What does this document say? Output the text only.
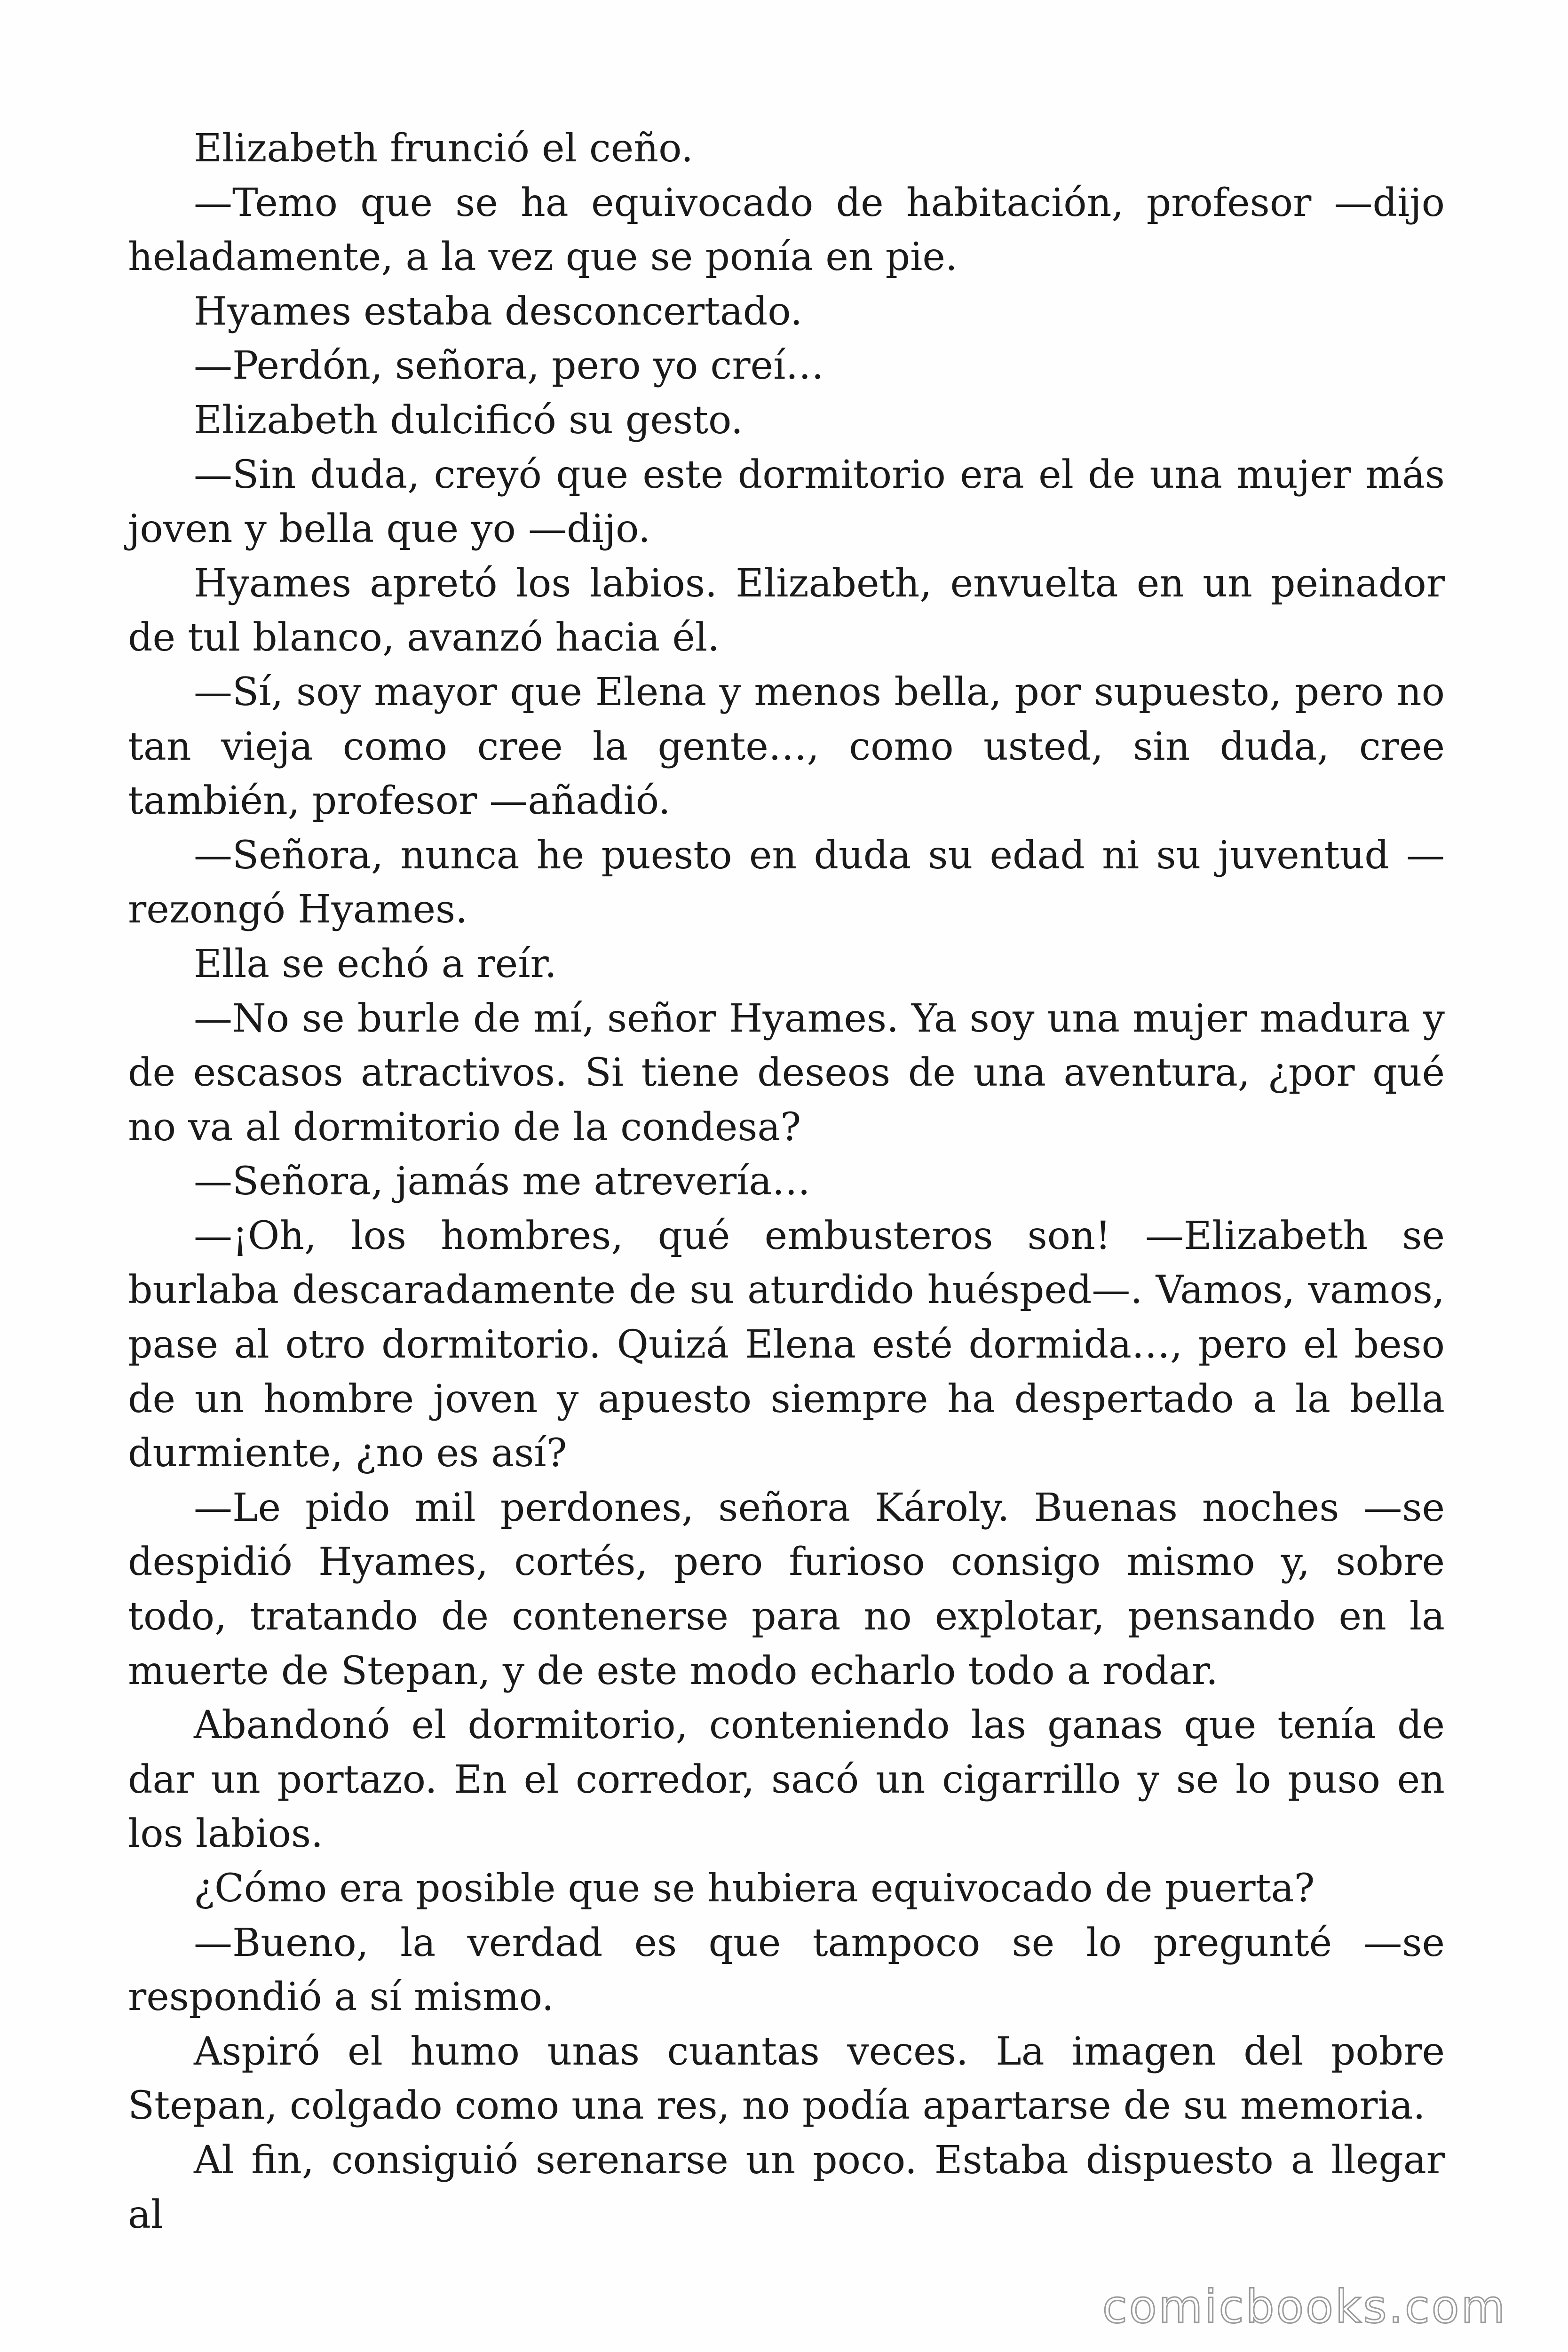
Elizabeth frunció el ceño.

—Temo que se ha equivocado de habitación, profesor —dijo heladamente, a la vez que se ponía en pie.

Hyames estaba desconcertado.

—Perdón, señora, pero yo creí…

Elizabeth dulcificó su gesto.

—Sin duda, creyó que este dormitorio era el de una mujer más joven y bella que yo —dijo.

Hyames apretó los labios. Elizabeth, envuelta en un peinador de tul blanco, avanzó hacia él.

—Sí, soy mayor que Elena y menos bella, por supuesto, pero no tan vieja como cree la gente…, como usted, sin duda, cree también, profesor —añadió.

—Señora, nunca he puesto en duda su edad ni su juventud —rezongó Hyames.

Ella se echó a reír.

—No se burle de mí, señor Hyames. Ya soy una mujer madura y de escasos atractivos. Si tiene deseos de una aventura, ¿por qué no va al dormitorio de la condesa?

—Señora, jamás me atrevería…

—¡Oh, los hombres, qué embusteros son! —Elizabeth se burlaba descaradamente de su aturdido huésped—. Vamos, vamos, pase al otro dormitorio. Quizá Elena esté dormida…, pero el beso de un hombre joven y apuesto siempre ha despertado a la bella durmiente, ¿no es así?

—Le pido mil perdones, señora Károly. Buenas noches —se despidió Hyames, cortés, pero furioso consigo mismo y, sobre todo, tratando de contenerse para no explotar, pensando en la muerte de Stepan, y de este modo echarlo todo a rodar.

Abandonó el dormitorio, conteniendo las ganas que tenía de dar un portazo. En el corredor, sacó un cigarrillo y se lo puso en los labios.

¿Cómo era posible que se hubiera equivocado de puerta?

—Bueno, la verdad es que tampoco se lo pregunté —se respondió a sí mismo.

Aspiró el humo unas cuantas veces. La imagen del pobre Stepan, colgado como una res, no podía apartarse de su memoria.

Al fin, consiguió serenarse un poco. Estaba dispuesto a llegar al

comicbooks.com
